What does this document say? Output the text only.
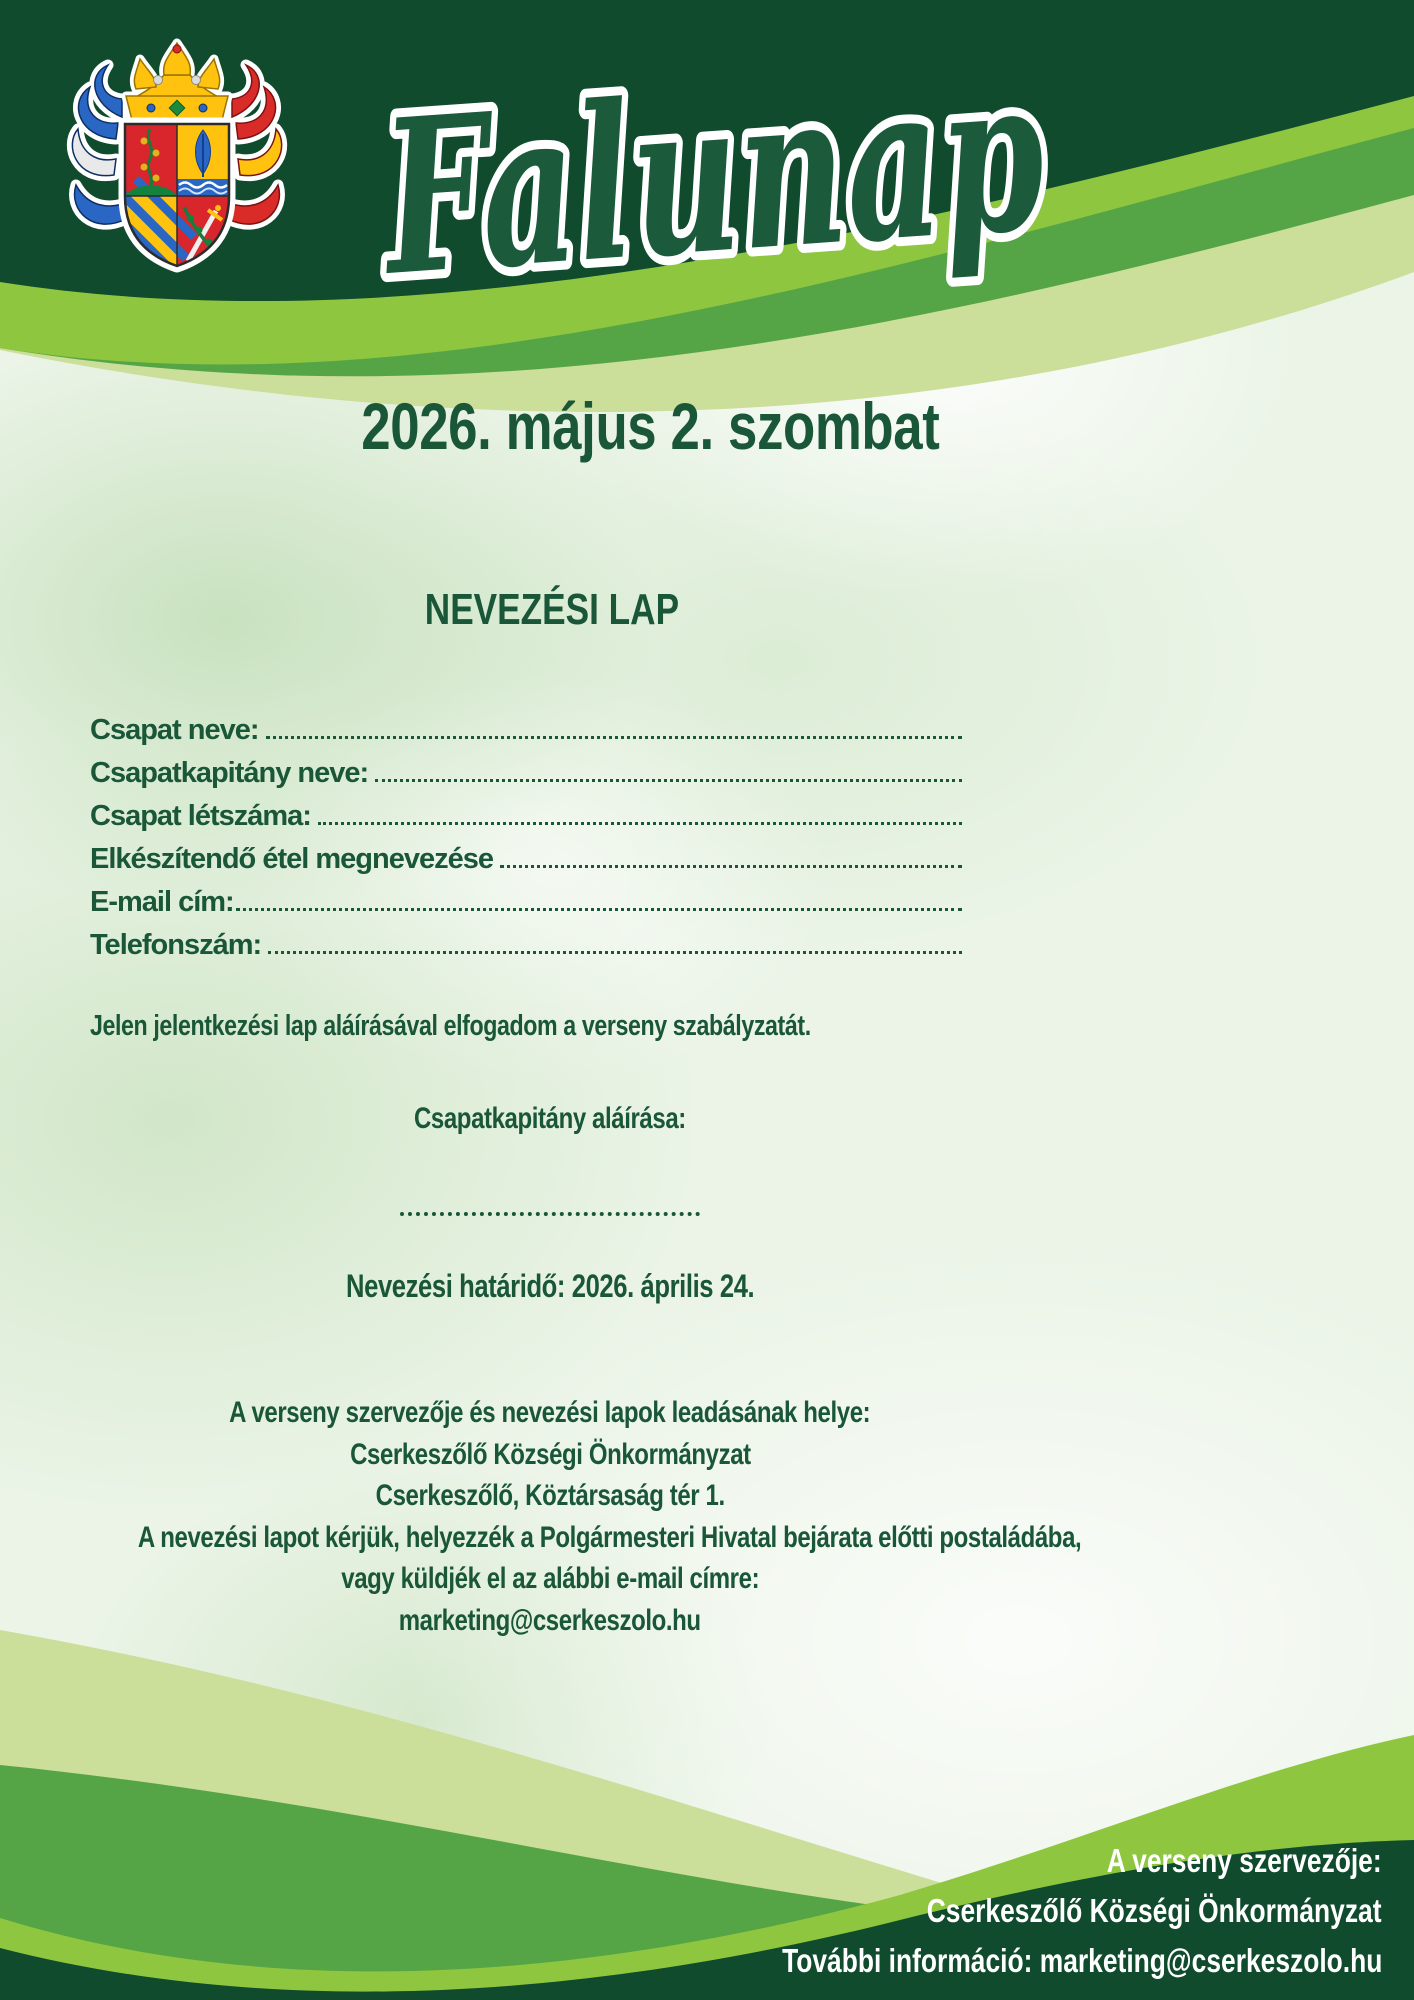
Falunap
2026. május 2. szombat
NEVEZÉSI LAP
Csapat neve:
Csapatkapitány neve:
Csapat létszáma:
Elkészítendő étel megnevezése
E-mail cím:
Telefonszám:
Jelen jelentkezési lap aláírásával elfogadom a verseny szabályzatát.
Csapatkapitány aláírása:
Nevezési határidő: 2026. április 24.
A verseny szervezője és nevezési lapok leadásának helye:
Cserkeszőlő Községi Önkormányzat
Cserkeszőlő, Köztársaság tér 1.
A nevezési lapot kérjük, helyezzék a Polgármesteri Hivatal bejárata előtti postaládába,
vagy küldjék el az alábbi e-mail címre:
marketing@cserkeszolo.hu
A verseny szervezője:
Cserkeszőlő Községi Önkormányzat
További információ: marketing@cserkeszolo.hu
